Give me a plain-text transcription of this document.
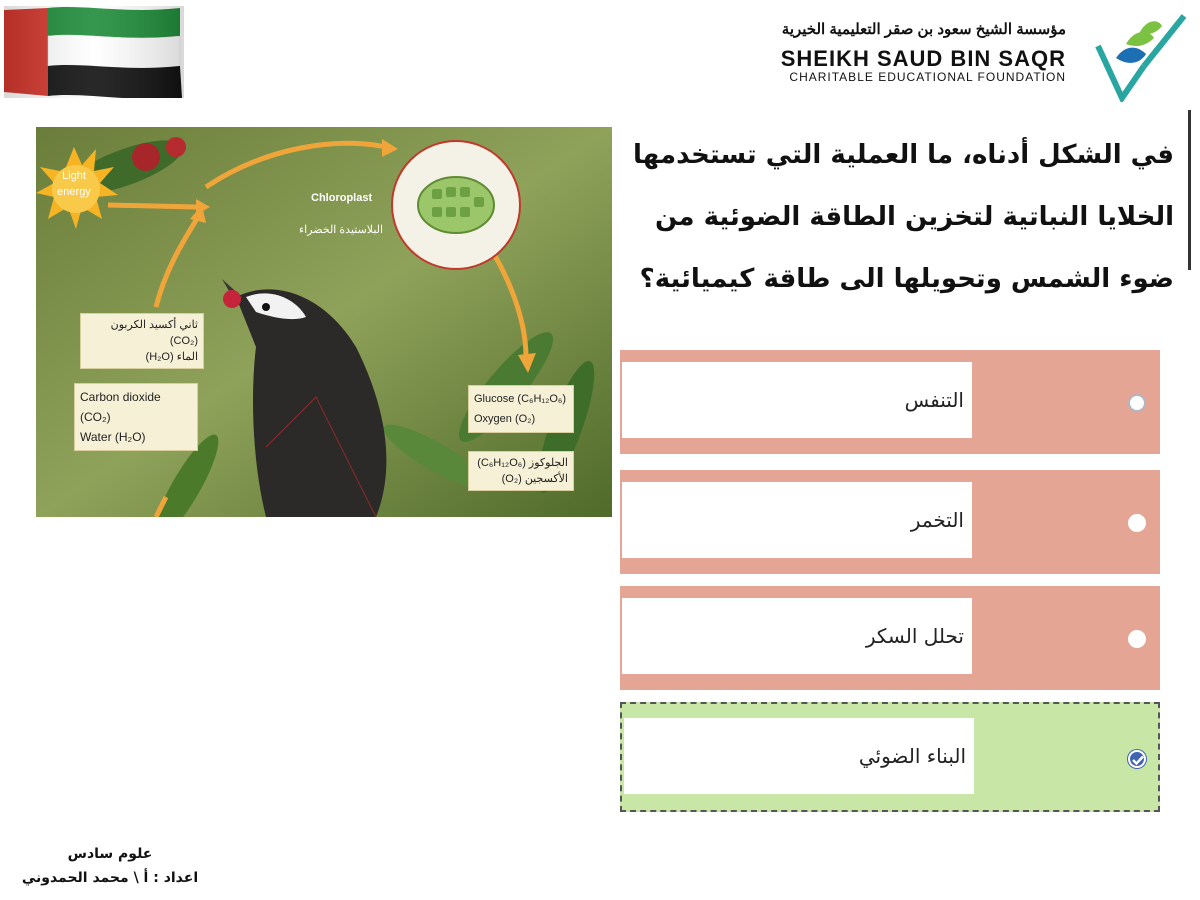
مؤسسة الشيخ سعود بن صقر التعليمية الخيرية
SHEIKH SAUD BIN SAQR
CHARITABLE EDUCATIONAL FOUNDATION
في الشكل أدناه، ما العملية التي تستخدمها الخلايا النباتية لتخزين الطاقة الضوئية من ضوء الشمس وتحويلها الى طاقة كيميائية؟
Light energy	Chloroplast
البلاستيدة الخضراء
ثاني أكسيد الكربون (CO₂)
الماء (H₂O)
Carbon dioxide (CO₂)
Water (H₂O)
Glucose (C₆H₁₂O₆)
Oxygen (O₂)
الجلوكوز (C₆H₁₂O₆)
الأكسجين (O₂)
التنفس
التخمر
تحلل السكر
البناء الضوئي
علوم سادس
اعداد : أ \ محمد الحمدوني
